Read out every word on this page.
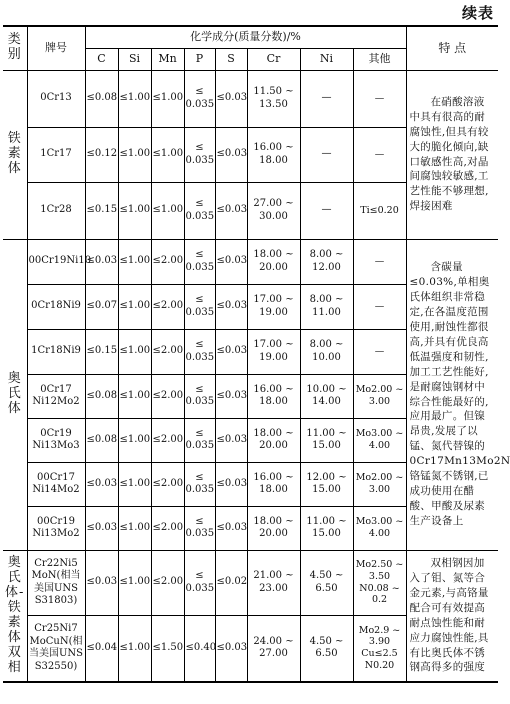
续表
类别	牌号	化学成分(质量分数)/%								特 点
		C	Si	Mn	P	S	Cr	Ni	其他	
铁素体	0Cr13	≤0.08	≤1.00	≤1.00	≤ 0.035	≤0.03	11.50 ~ 13.50	—	—	在硝酸溶液中具有很高的耐腐蚀性,但具有较大的脆化倾向,缺口敏感性高,对晶间腐蚀较敏感,工艺性能不够理想,焊接困难
	1Cr17	≤0.12	≤1.00	≤1.00	≤ 0.035	≤0.03	16.00 ~ 18.00	—	—	
	1Cr28	≤0.15	≤1.00	≤1.00	≤ 0.035	≤0.03	27.00 ~ 30.00	—	Ti≤0.20	
奥氏体	00Cr19Ni10	≤0.03	≤1.00	≤2.00	≤ 0.035	≤0.03	18.00 ~ 20.00	8.00 ~ 12.00	—	含碳量≤0.03%,单相奥氏体组织非常稳定,在各温度范围使用,耐蚀性都很高,并具有优良高低温强度和韧性,加工工艺性能好,是耐腐蚀钢材中综合性能最好的,应用最广。但镍昂贵,发展了以锰、氮代替镍的0Cr17Mn13Mo2N铬锰氮不锈钢,已成功使用在醋酸、甲酸及尿素生产设备上
	0Cr18Ni9	≤0.07	≤1.00	≤2.00	≤ 0.035	≤0.03	17.00 ~ 19.00	8.00 ~ 11.00	—	
	1Cr18Ni9	≤0.15	≤1.00	≤2.00	≤ 0.035	≤0.03	17.00 ~ 19.00	8.00 ~ 10.00	—	
	0Cr17 Ni12Mo2	≤0.08	≤1.00	≤2.00	≤ 0.035	≤0.03	16.00 ~ 18.00	10.00 ~ 14.00	Mo2.00 ~ 3.00	
	0Cr19 Ni13Mo3	≤0.08	≤1.00	≤2.00	≤ 0.035	≤0.03	18.00 ~ 20.00	11.00 ~ 15.00	Mo3.00 ~ 4.00	
	00Cr17 Ni14Mo2	≤0.03	≤1.00	≤2.00	≤ 0.035	≤0.03	16.00 ~ 18.00	12.00 ~ 15.00	Mo2.00 ~ 3.00	
	00Cr19 Ni13Mo2	≤0.03	≤1.00	≤2.00	≤ 0.035	≤0.03	18.00 ~ 20.00	11.00 ~ 15.00	Mo3.00 ~ 4.00	
奥氏体-铁素体双相	Cr22Ni5 MoN(相当 美国UNS S31803)	≤0.03	≤1.00	≤2.00	≤ 0.035	≤0.02	21.00 ~ 23.00	4.50 ~ 6.50	Mo2.50 ~ 3.50 N0.08 ~ 0.2	双相钢因加入了钼、氮等合金元素,与高铬量配合可有效提高耐点蚀性能和耐应力腐蚀性能,具有比奥氏体不锈钢高得多的强度
	Cr25Ni7 MoCuN(相 当美国UNS S32550)	≤0.04	≤1.00	≤1.50	≤0.40	≤0.03	24.00 ~ 27.00	4.50 ~ 6.50	Mo2.9 ~ 3.90 Cu≤2.5 N0.20	
